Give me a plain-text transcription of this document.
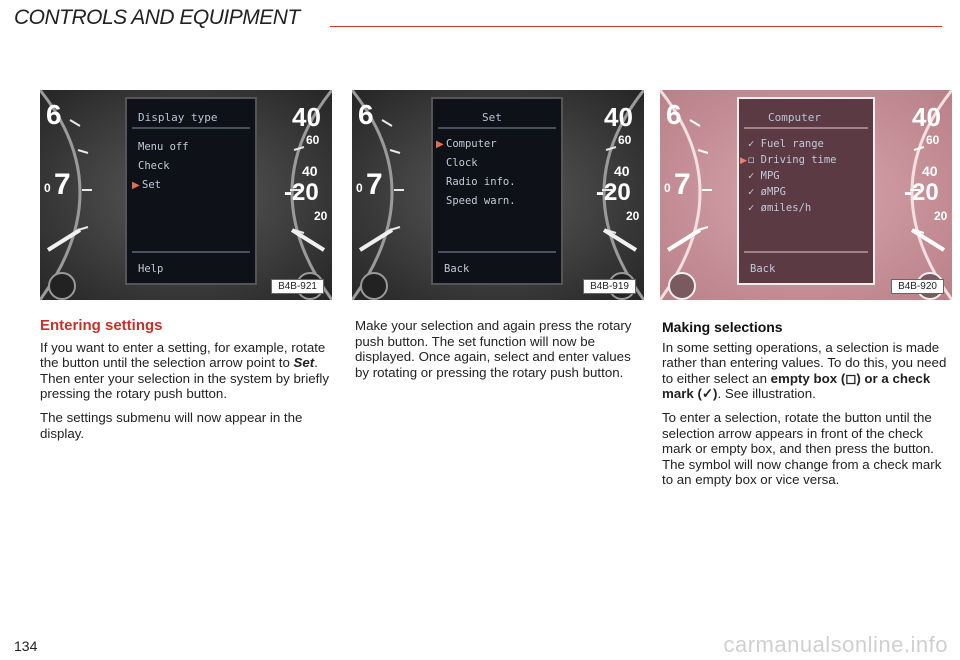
CONTROLS AND EQUIPMENT
6
7
0
40
60
40
-20
20
Display type
Menu off
Check
▶ Set
Help
B4B-921
6
7
0
40
60
40
-20
20
Set
▶ Computer
Clock
Radio info.
Speed warn.
Back
B4B-919
6
7
0
40
60
40
-20
20
Computer
✓ Fuel range
▶ ◻ Driving time
✓ MPG
✓ øMPG
✓ ømiles/h
Back
B4B-920
Entering settings

If you want to enter a setting, for example, rotate the button until the selection arrow point to Set. Then enter your selection in the system by briefly pressing the rotary push button.

The settings submenu will now appear in the display.

Make your selection and again press the rotary push button. The set function will now be displayed. Once again, select and enter values by rotating or pressing the rotary push button.

Making selections

In some setting operations, a selection is made rather than entering values. To do this, you need to either select an empty box (◻) or a check mark (✓). See illustration.

To enter a selection, rotate the button until the selection arrow appears in front of the check mark or empty box, and then press the button. The symbol will now change from a check mark to an empty box or vice versa.

134	carmanualsonline.info
